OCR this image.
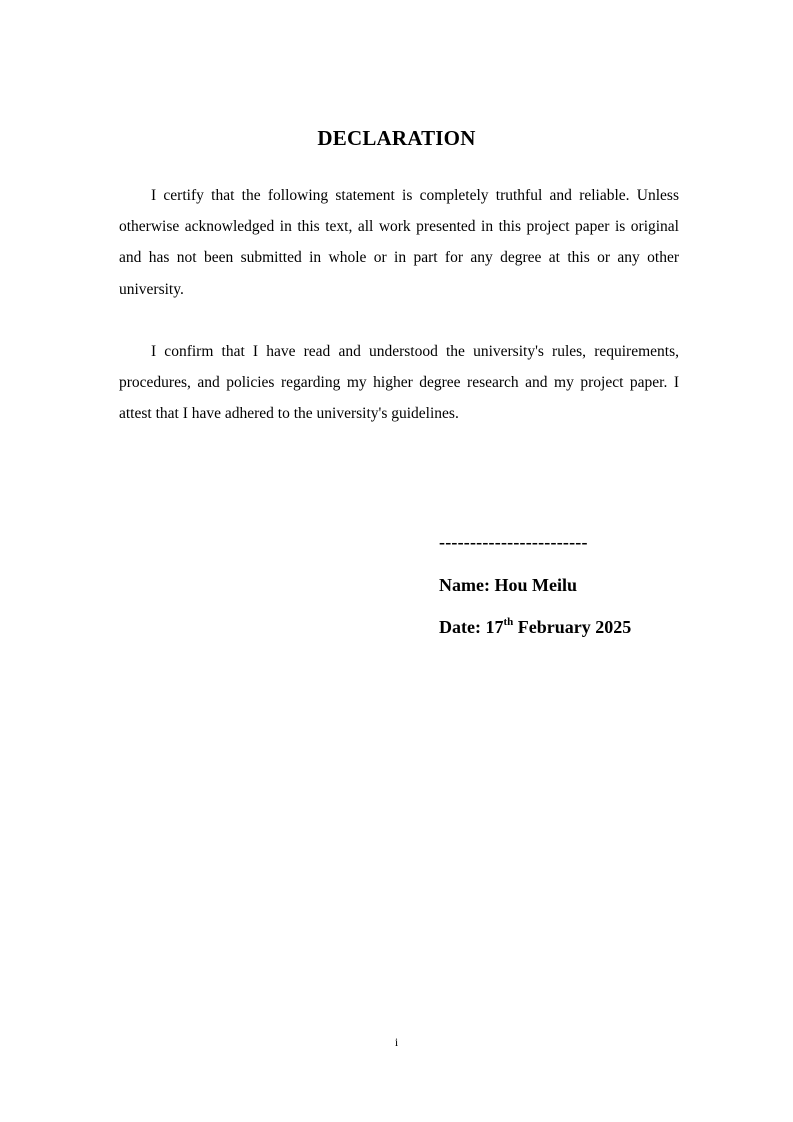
DECLARATION

I certify that the following statement is completely truthful and reliable. Unless otherwise acknowledged in this text, all work presented in this project paper is original and has not been submitted in whole or in part for any degree at this or any other university.

I confirm that I have read and understood the university's rules, requirements, procedures, and policies regarding my higher degree research and my project paper. I attest that I have adhered to the university's guidelines.

------------------------
Name: Hou Meilu
Date: 17th February 2025
i
